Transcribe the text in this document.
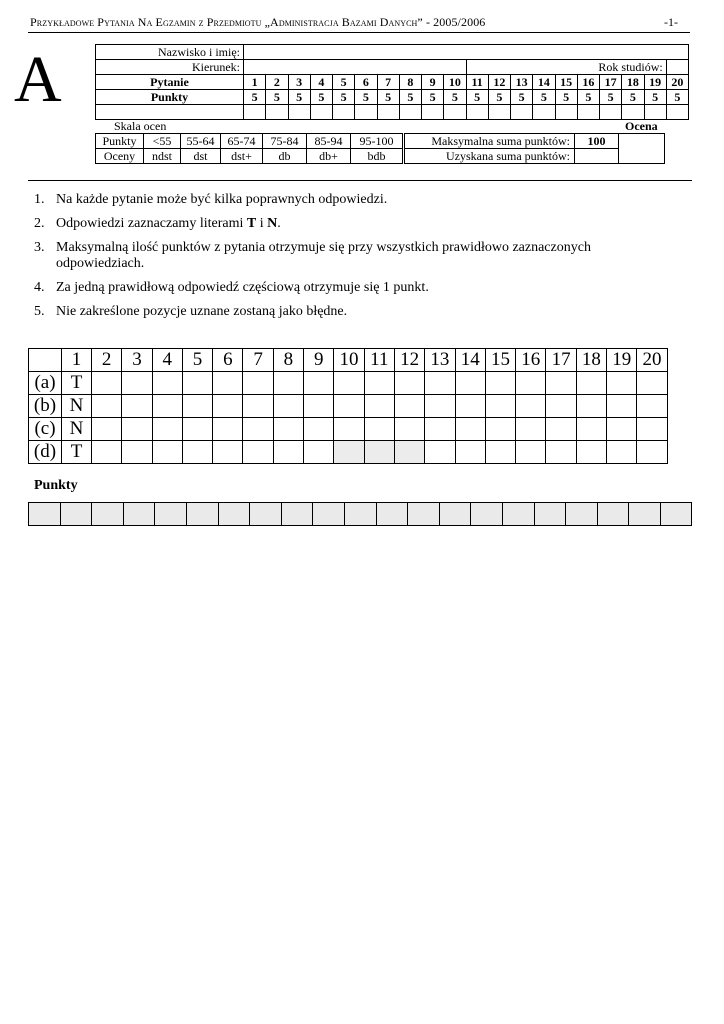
Przykładowe Pytania Na Egzamin z Przedmiotu „Administracja Bazami Danych” - 2005/2006	-1-
A	Nazwisko i imię:																				
Kierunek:											Rok studiów:									
Pytanie	1	2	3	4	5	6	7	8	9	10	11	12	13	14	15	16	17	18	19	20
Punkty	5	5	5	5	5	5	5	5	5	5	5	5	5	5	5	5	5	5	5	5

Skala ocen	Ocena
Punkty	<55	55-64	65-74	75-84	85-94	95-100
Oceny	ndst	dst	dst+	db	db+	bdb
Maksymalna suma punktów:	100	
Uzyskana suma punktów:		
1. Na każde pytanie może być kilka poprawnych odpowiedzi.
2. Odpowiedzi zaznaczamy literami T i N.
3. Maksymalną ilość punktów z pytania otrzymuje się przy wszystkich prawidłowo zaznaczonych odpowiedziach.
4. Za jedną prawidłową odpowiedź częściową otrzymuje się 1 punkt.
5. Nie zakreślone pozycje uznane zostaną jako błędne.
	1	2	3	4	5	6	7	8	9	10	11	12	13	14	15	16	17	18	19	20
(a)	T																			
(b)	N																			
(c)	N																			
(d)	T																			
Punkty
